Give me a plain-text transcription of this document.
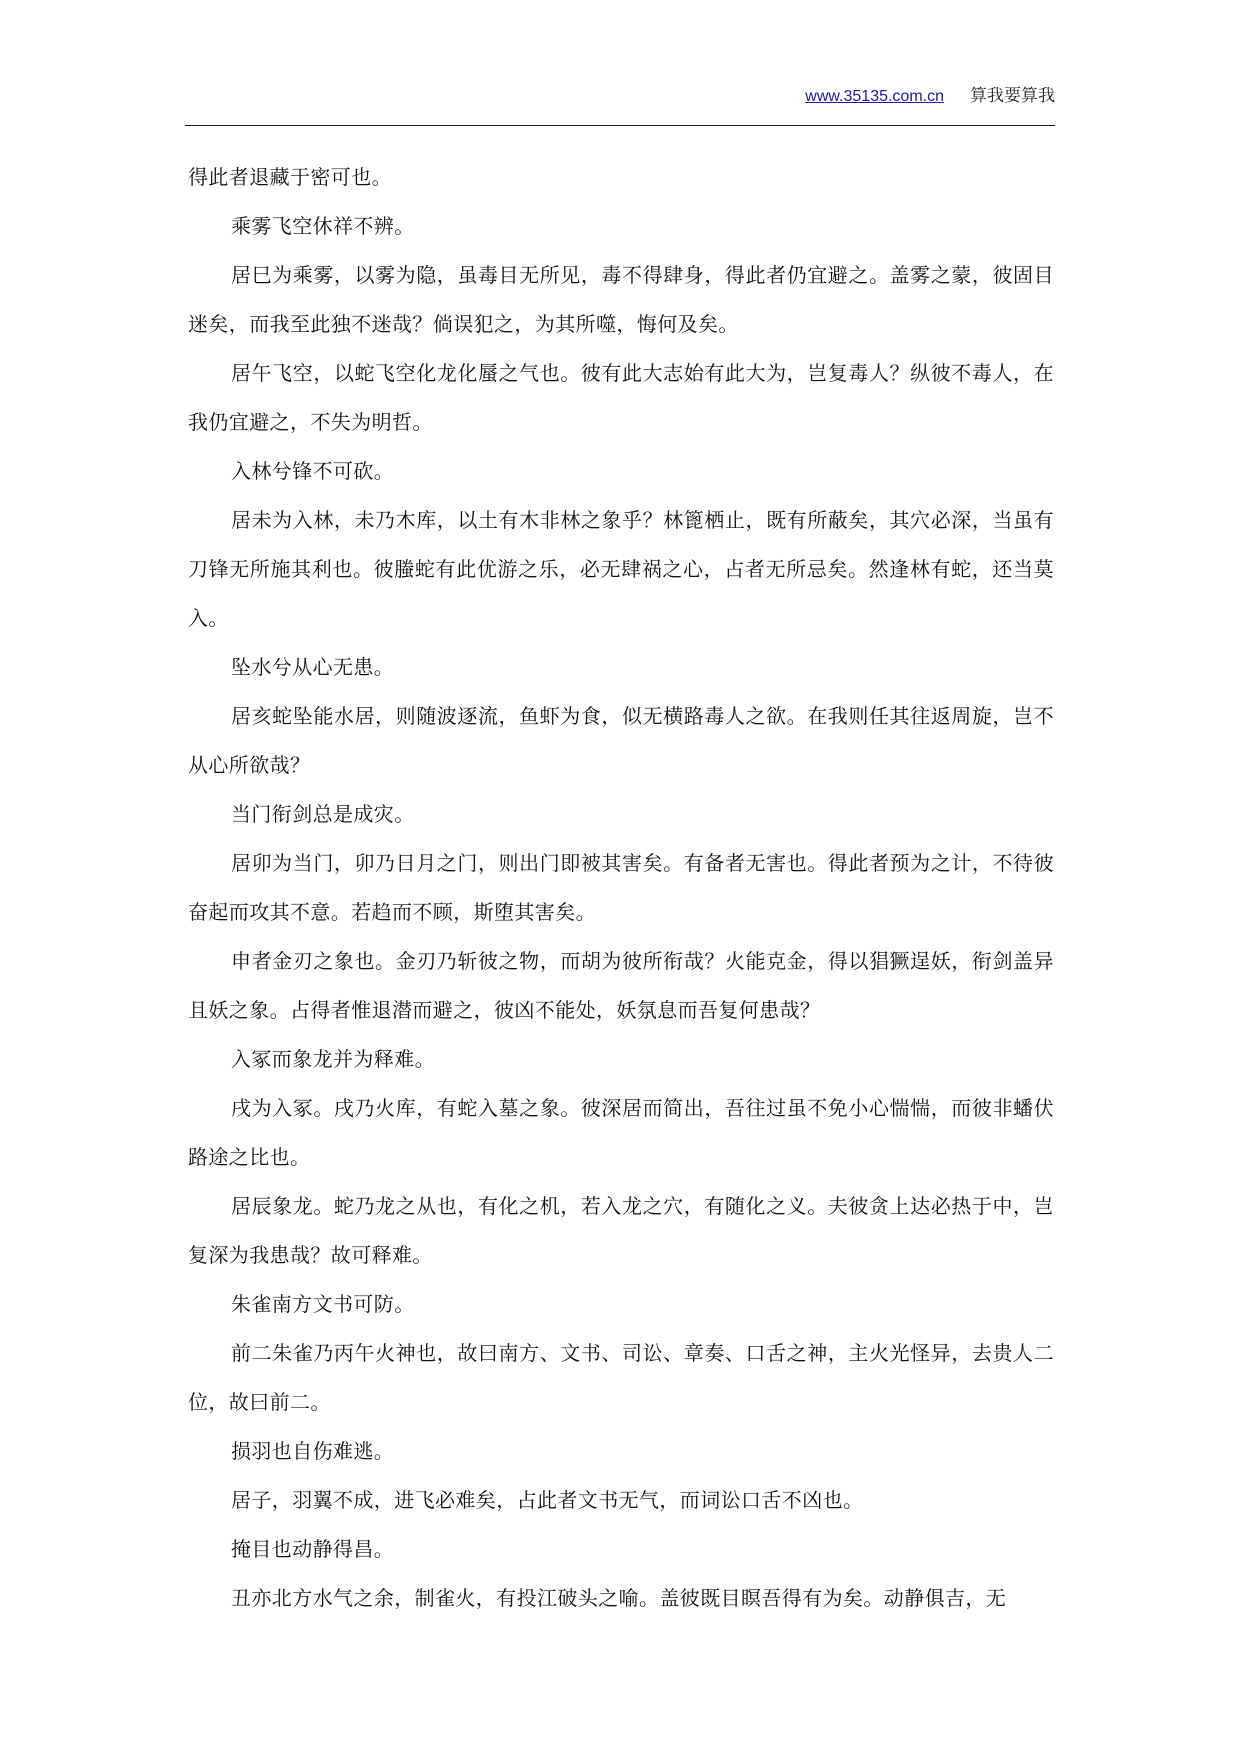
www.35135.com.cn 算我要算我

得此者退藏于密可也。

乘雾飞空休祥不辨。

居巳为乘雾，以雾为隐，虽毒目无所见，毒不得肆身，得此者仍宜避之。盖雾之蒙，彼固目迷矣，而我至此独不迷哉？倘误犯之，为其所噬，悔何及矣。

居午飞空，以蛇飞空化龙化蜃之气也。彼有此大志始有此大为，岂复毒人？纵彼不毒人，在我仍宜避之，不失为明哲。

入林兮锋不可砍。

居未为入林，未乃木库，以土有木非林之象乎？林篦栖止，既有所蔽矣，其穴必深，当虽有刀锋无所施其利也。彼螣蛇有此优游之乐，必无肆祸之心，占者无所忌矣。然逢林有蛇，还当莫入。

坠水兮从心无患。

居亥蛇坠能水居，则随波逐流，鱼虾为食，似无横路毒人之欲。在我则任其往返周旋，岂不从心所欲哉？

当门衔剑总是成灾。

居卯为当门，卯乃日月之门，则出门即被其害矣。有备者无害也。得此者预为之计，不待彼奋起而攻其不意。若趋而不顾，斯堕其害矣。

申者金刃之象也。金刃乃斩彼之物，而胡为彼所衔哉？火能克金，得以猖獗逞妖，衔剑盖异且妖之象。占得者惟退潜而避之，彼凶不能处，妖氛息而吾复何患哉？

入冢而象龙并为释难。

戌为入冢。戌乃火库，有蛇入墓之象。彼深居而简出，吾往过虽不免小心惴惴，而彼非蟠伏路途之比也。

居辰象龙。蛇乃龙之从也，有化之机，若入龙之穴，有随化之义。夫彼贪上达必热于中，岂复深为我患哉？故可释难。

朱雀南方文书可防。

前二朱雀乃丙午火神也，故曰南方、文书、司讼、章奏、口舌之神，主火光怪异，去贵人二位，故曰前二。

损羽也自伤难逃。

居子，羽翼不成，进飞必难矣，占此者文书无气，而词讼口舌不凶也。

掩目也动静得昌。

丑亦北方水气之余，制雀火，有投江破头之喻。盖彼既目瞑吾得有为矣。动静俱吉，无
